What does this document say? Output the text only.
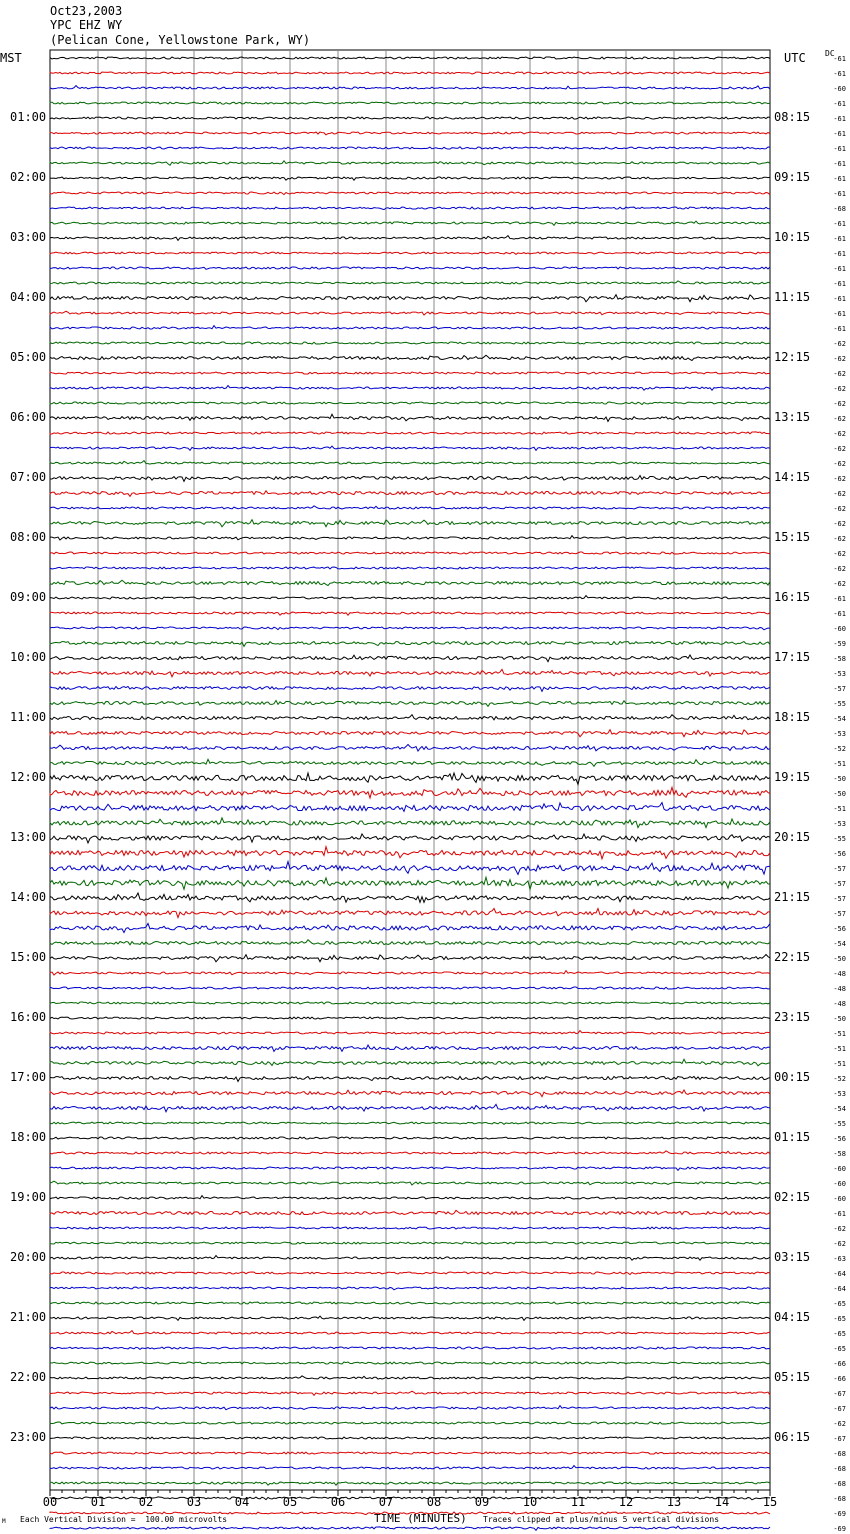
Oct23,2003
YPC EHZ WY
(Pelican Cone, Yellowstone Park, WY)
MST	UTC DC
-61
-61
-60
-61
-61
-61
-61
-61
-61
-61
-68
-61
-61
-61
-61
-61
-61
-61
-61
-62
-62
-62
-62
-62
-62
-62
-62
-62
-62
-62
-62
-62
-62
-62
-62
-62
-61
-61
-60
-59
-58
-53
-57
-55
-54
-53
-52
-51
-50
-50
-51
-53
-55
-56
-57
-57
-57
-57
-56
-54
-50
-48
-48
-48
-50
-51
-51
-51
-52
-53
-54
-55
-56
-58
-60
-60
-60
-61
-62
-62
-63
-64
-64
-65
-65
-65
-65
-66
-66
-67
-67
-62
-67
-68
-68
-68
-68
-69
-69
00	01	02	03	04	05	06	07	08	09	10	11	12	13	14	15
01:00	08:15
02:00	09:15
03:00	10:15
04:00	11:15
05:00	12:15
06:00	13:15
07:00	14:15
08:00	15:15
09:00	16:15
10:00	17:15
11:00	18:15
12:00	19:15
13:00	20:15
14:00	21:15
15:00	22:15
16:00	23:15
17:00	00:15
18:00	01:15
19:00	02:15
20:00	03:15
21:00	04:15
22:00	05:15
23:00	06:15
TIME (MINUTES)
M Each Vertical Division =  100.00 microvolts	Traces clipped at plus/minus 5 vertical divisions
